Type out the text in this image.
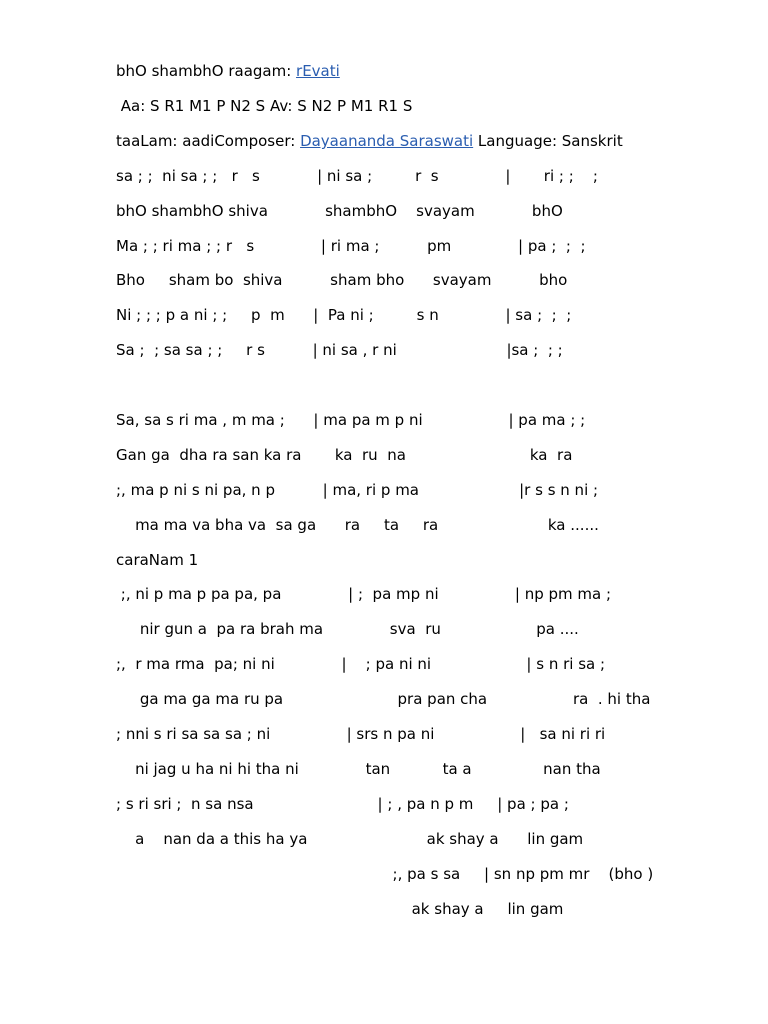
bhO shambhO raagam: rEvati

Aa: S R1 M1 P N2 S Av: S N2 P M1 R1 S

taaLam: aadiComposer: Dayaananda Saraswati Language: Sanskrit

sa ; ;  ni sa ; ;   r   s            | ni sa ;         r  s              |       ri ; ;    ;

bhO shambhO shiva            shambhO    svayam            bhO

Ma ; ; ri ma ; ; r   s              | ri ma ;          pm              | pa ;  ;  ;

Bho     sham bo  shiva          sham bho      svayam          bho

Ni ; ; ; p a ni ; ;     p  m      |  Pa ni ;         s n              | sa ;  ;  ;

Sa ;  ; sa sa ; ;     r s          | ni sa , r ni                       |sa ;  ; ;

Sa, sa s ri ma , m ma ;      | ma pa m p ni                  | pa ma ; ;

Gan ga  dha ra san ka ra       ka  ru  na                          ka  ra

;, ma p ni s ni pa, n p          | ma, ri p ma                     |r s s n ni ;

ma ma va bha va  sa ga      ra     ta     ra                       ka ......

caraNam 1

;, ni p ma p pa pa, pa              | ;  pa mp ni                | np pm ma ;

nir gun a  pa ra brah ma              sva  ru                    pa ....

;,  r ma rma  pa; ni ni              |    ; pa ni ni                    | s n ri sa ;

ga ma ga ma ru pa                        pra pan cha                  ra  . hi tha

; nni s ri sa sa sa ; ni                | srs n pa ni                  |   sa ni ri ri

ni jag u ha ni hi tha ni              tan           ta a               nan tha

; s ri sri ;  n sa nsa                          | ; , pa n p m     | pa ; pa ;

a    nan da a this ha ya                         ak shay a      lin gam

;, pa s sa     | sn np pm mr    (bho )

ak shay a     lin gam
